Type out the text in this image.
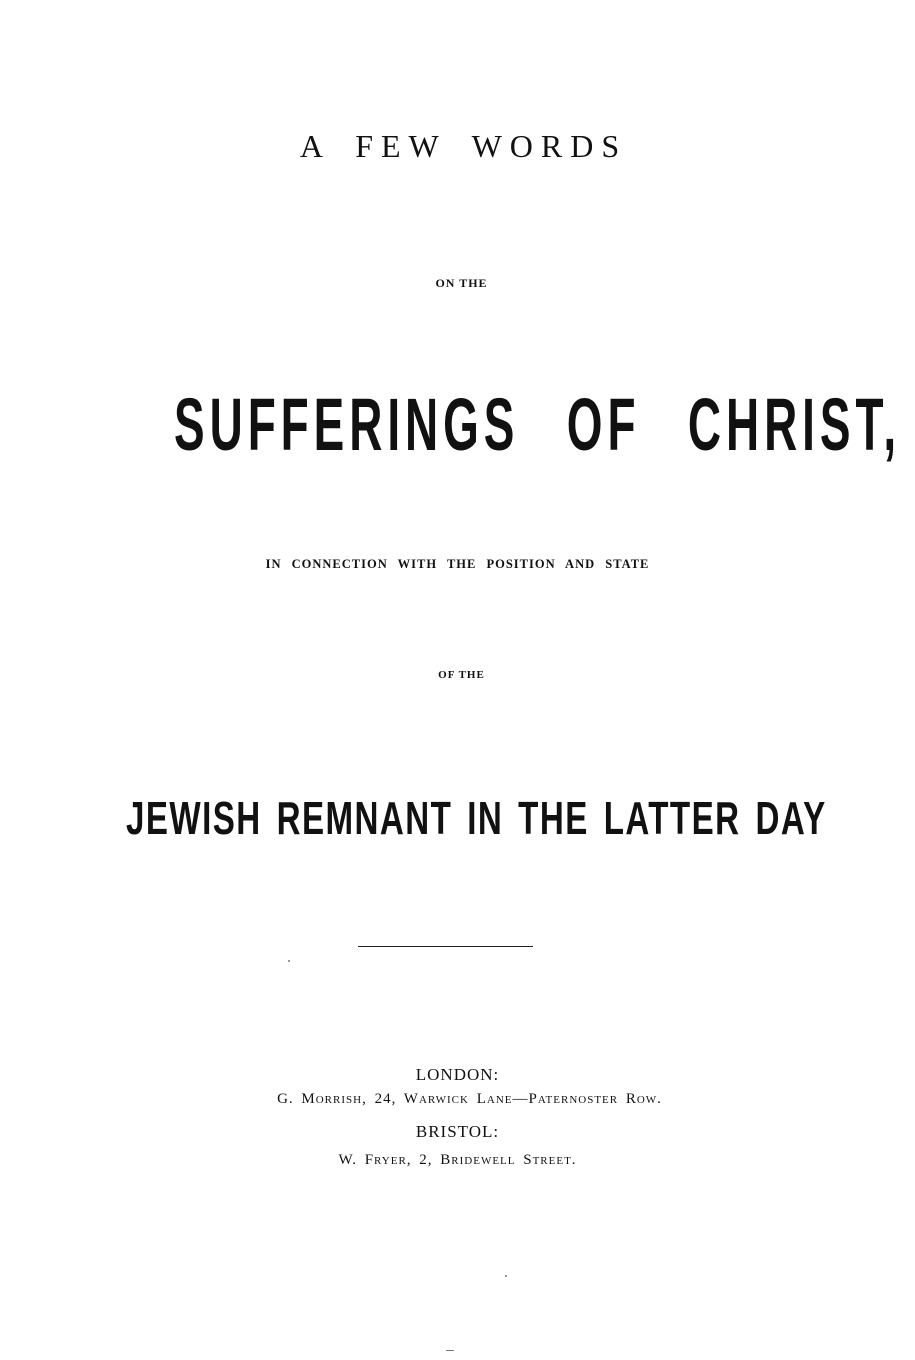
A FEW WORDS
ON THE
SUFFERINGS OF CHRIST,
IN CONNECTION WITH THE POSITION AND STATE
OF THE
JEWISH REMNANT IN THE LATTER DAY
LONDON:
G. Morrish, 24, Warwick Lane—Paternoster Row.
BRISTOL:
W. Fryer, 2, Bridewell Street.
